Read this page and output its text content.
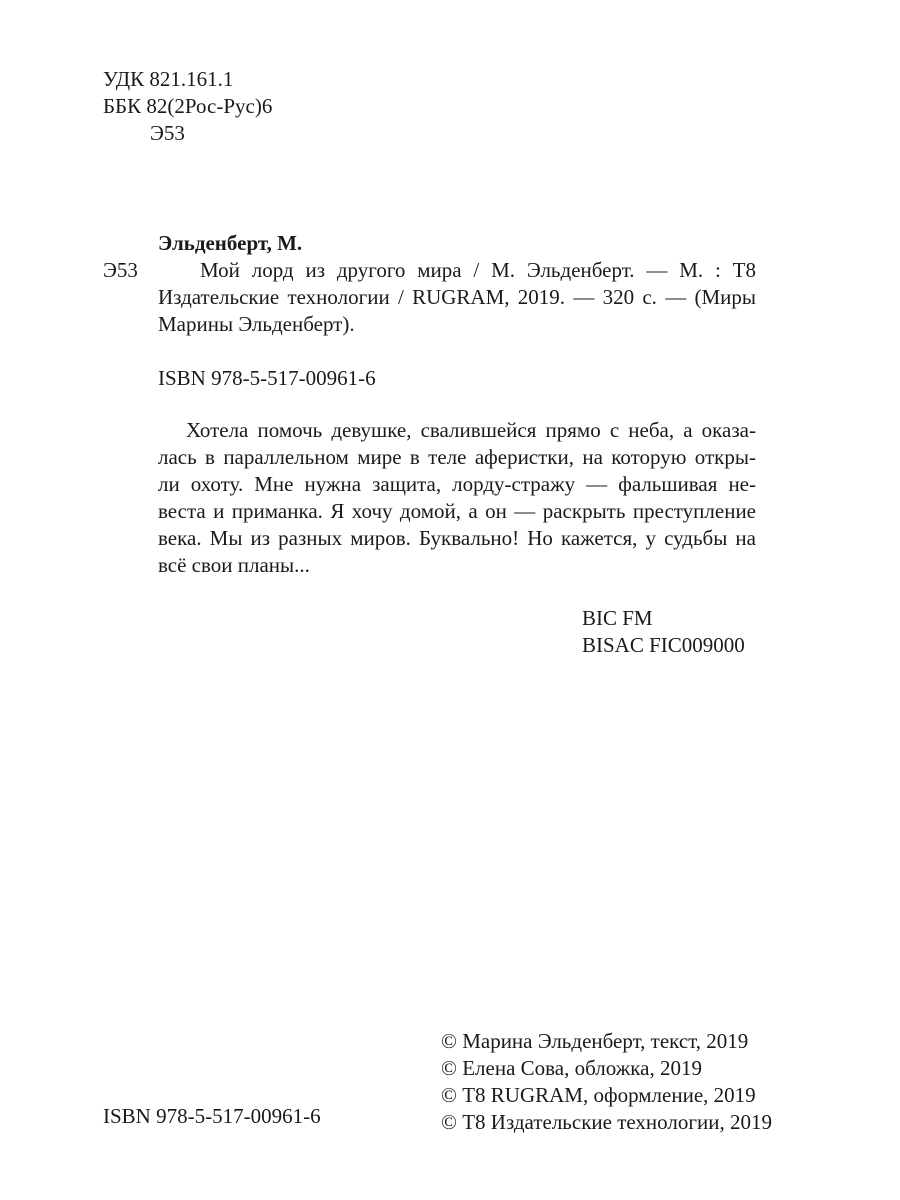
УДК 821.161.1
ББК 82(2Рос-Рус)6
Э53
Эльденберт, М.
Э53	Мой лорд из другого мира / М. Эльденберт. — М. : Т8
Издательские технологии / RUGRAM, 2019. — 320 с. — (Миры
Марины Эльденберт).
ISBN 978-5-517-00961-6
Хотела помочь девушке, свалившейся прямо с неба, а оказа-
лась в параллельном мире в теле аферистки, на которую откры-
ли охоту. Мне нужна защита, лорду-стражу — фальшивая не-
веста и приманка. Я хочу домой, а он — раскрыть преступление
века. Мы из разных миров. Буквально! Но кажется, у судьбы на
всё свои планы...
BIC FM
BISAC FIC009000
© Марина Эльденберт, текст, 2019
© Елена Сова, обложка, 2019
© Т8 RUGRAM, оформление, 2019
© Т8 Издательские технологии, 2019
ISBN 978-5-517-00961-6
